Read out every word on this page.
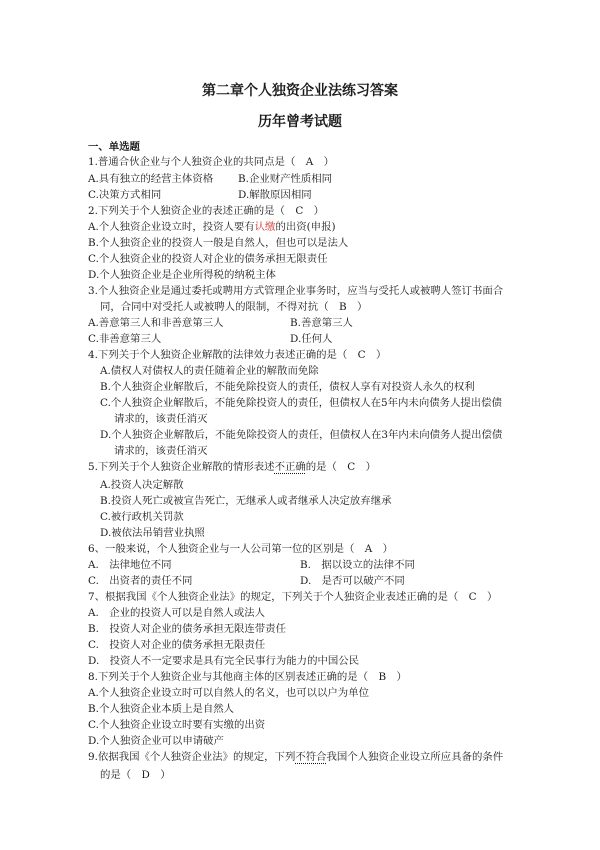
第二章个人独资企业法练习答案
历年曾考试题
一、单选题
1.普通合伙企业与个人独资企业的共同点是（　A　）
A.具有独立的经营主体资格 B.企业财产性质相同
C.决策方式相同	D.解散原因相同
2.下列关于个人独资企业的表述正确的是（　C　）
A.个人独资企业设立时，投资人要有认缴的出资(申报)
B.个人独资企业的投资人一般是自然人，但也可以是法人
C.个人独资企业的投资人对企业的债务承担无限责任
D.个人独资企业是企业所得税的纳税主体
3.个人独资企业是通过委托或聘用方式管理企业事务时，应当与受托人或被聘人签订书面合
同，合同中对受托人或被聘人的限制，不得对抗（　B　）
A.善意第三人和非善意第三人	B.善意第三人
C.非善意第三人	D.任何人
4.下列关于个人独资企业解散的法律效力表述正确的是（　C　）
A.债权人对债权人的责任随着企业的解散而免除
B.个人独资企业解散后，不能免除投资人的责任，债权人享有对投资人永久的权利
C.个人独资企业解散后，不能免除投资人的责任，但债权人在5年内未向债务人提出偿债
请求的，该责任消灭
D.个人独资企业解散后，不能免除投资人的责任，但债权人在3年内未向债务人提出偿债
请求的，该责任消灭
5.下列关于个人独资企业解散的情形表述不正确的是（　C　）
A.投资人决定解散
B.投资人死亡或被宣告死亡，无继承人或者继承人决定放弃继承
C.被行政机关罚款
D.被依法吊销营业执照
6、一般来说，个人独资企业与一人公司第一位的区别是（　A　）
A.　法律地位不同	B.　据以设立的法律不同
C.　出资者的责任不同	D.　是否可以破产不同
7、根据我国《个人独资企业法》的规定，下列关于个人独资企业表述正确的是（　C　）
A.　企业的投资人可以是自然人或法人
B.　投资人对企业的债务承担无限连带责任
C.　投资人对企业的债务承担无限责任
D.　投资人不一定要求是具有完全民事行为能力的中国公民
8.下列关于个人独资企业与其他商主体的区别表述正确的是（　B　）
A.个人独资企业设立时可以自然人的名义，也可以以户为单位
B.个人独资企业本质上是自然人
C.个人独资企业设立时要有实缴的出资
D.个人独资企业可以申请破产
9.依据我国《个人独资企业法》的规定，下列不符合我国个人独资企业设立所应具备的条件
的是（　D　）
